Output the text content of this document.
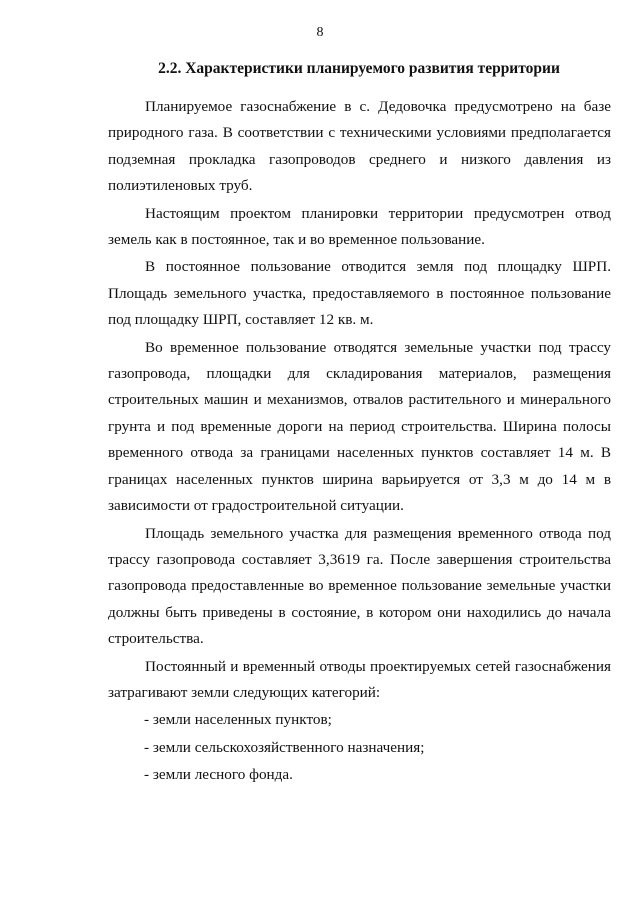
8
2.2. Характеристики планируемого развития территории

Планируемое газоснабжение в с. Дедовочка предусмотрено на базе природного газа. В соответствии с техническими условиями предполагается подземная прокладка газопроводов среднего и низкого давления из полиэтиленовых труб.

Настоящим проектом планировки территории предусмотрен отвод земель как в постоянное, так и во временное пользование.

В постоянное пользование отводится земля под площадку ШРП. Площадь земельного участка, предоставляемого в постоянное пользование под площадку ШРП, составляет 12 кв. м.

Во временное пользование отводятся земельные участки под трассу газопровода, площадки для складирования материалов, размещения строительных машин и механизмов, отвалов растительного и минерального грунта и под временные дороги на период строительства. Ширина полосы временного отвода за границами населенных пунктов составляет 14 м. В границах населенных пунктов ширина варьируется от 3,3 м до 14 м в зависимости от градостроительной ситуации.

Площадь земельного участка для размещения временного отвода под трассу газопровода составляет 3,3619 га. После завершения строительства газопровода предоставленные во временное пользование земельные участки должны быть приведены в состояние, в котором они находились до начала строительства.

Постоянный и временный отводы проектируемых сетей газоснабжения затрагивают земли следующих категорий:

- земли населенных пунктов;
- земли сельскохозяйственного назначения;
- земли лесного фонда.
